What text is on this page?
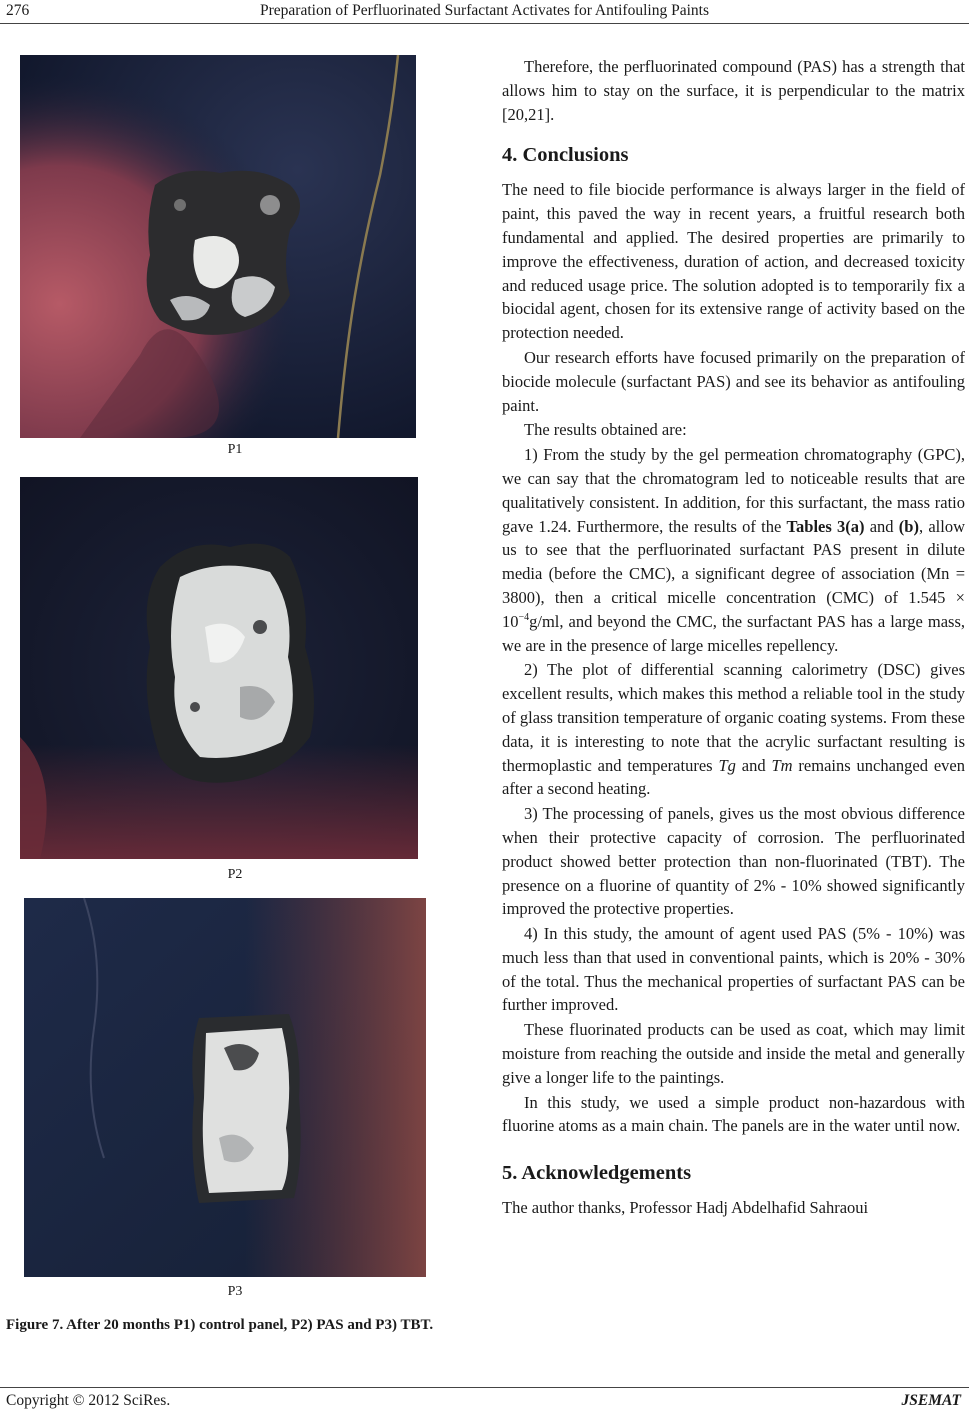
276	Preparation of Perfluorinated Surfactant Activates for Antifouling Paints
P1
P2
P3
Figure 7. After 20 months P1) control panel, P2) PAS and P3) TBT.

Therefore, the perfluorinated compound (PAS) has a strength that allows him to stay on the surface, it is perpendicular to the matrix [20,21].

4. Conclusions

The need to file biocide performance is always larger in the field of paint, this paved the way in recent years, a fruitful research both fundamental and applied. The desired properties are primarily to improve the effectiveness, duration of action, and decreased toxicity and reduced usage price. The solution adopted is to temporarily fix a biocidal agent, chosen for its extensive range of activity based on the protection needed.

Our research efforts have focused primarily on the preparation of biocide molecule (surfactant PAS) and see its behavior as antifouling paint.

The results obtained are:

1) From the study by the gel permeation chromatography (GPC), we can say that the chromatogram led to noticeable results that are qualitatively consistent. In addition, for this surfactant, the mass ratio gave 1.24. Furthermore, the results of the Tables 3(a) and (b), allow us to see that the perfluorinated surfactant PAS present in dilute media (before the CMC), a significant degree of association (Mn = 3800), then a critical micelle concentration (CMC) of $1.545 \times 10^{-4}g/ml$, and beyond the CMC, the surfactant PAS has a large mass, we are in the presence of large micelles repellency.

2) The plot of differential scanning calorimetry (DSC) gives excellent results, which makes this method a reliable tool in the study of glass transition temperature of organic coating systems. From these data, it is interesting to note that the acrylic surfactant resulting is thermoplastic and temperatures Tg and Tm remains unchanged even after a second heating.

3) The processing of panels, gives us the most obvious difference when their protective capacity of corrosion. The perfluorinated product showed better protection than non-fluorinated (TBT). The presence on a fluorine of quantity of 2% - 10% showed significantly improved the protective properties.

4) In this study, the amount of agent used PAS (5% - 10%) was much less than that used in conventional paints, which is 20% - 30% of the total. Thus the mechanical properties of surfactant PAS can be further improved.

These fluorinated products can be used as coat, which may limit moisture from reaching the outside and inside the metal and generally give a longer life to the paintings.

In this study, we used a simple product non-hazardous with fluorine atoms as a main chain. The panels are in the water until now.

5. Acknowledgements

The author thanks, Professor Hadj Abdelhafid Sahraoui

Copyright © 2012 SciRes.	JSEMAT
